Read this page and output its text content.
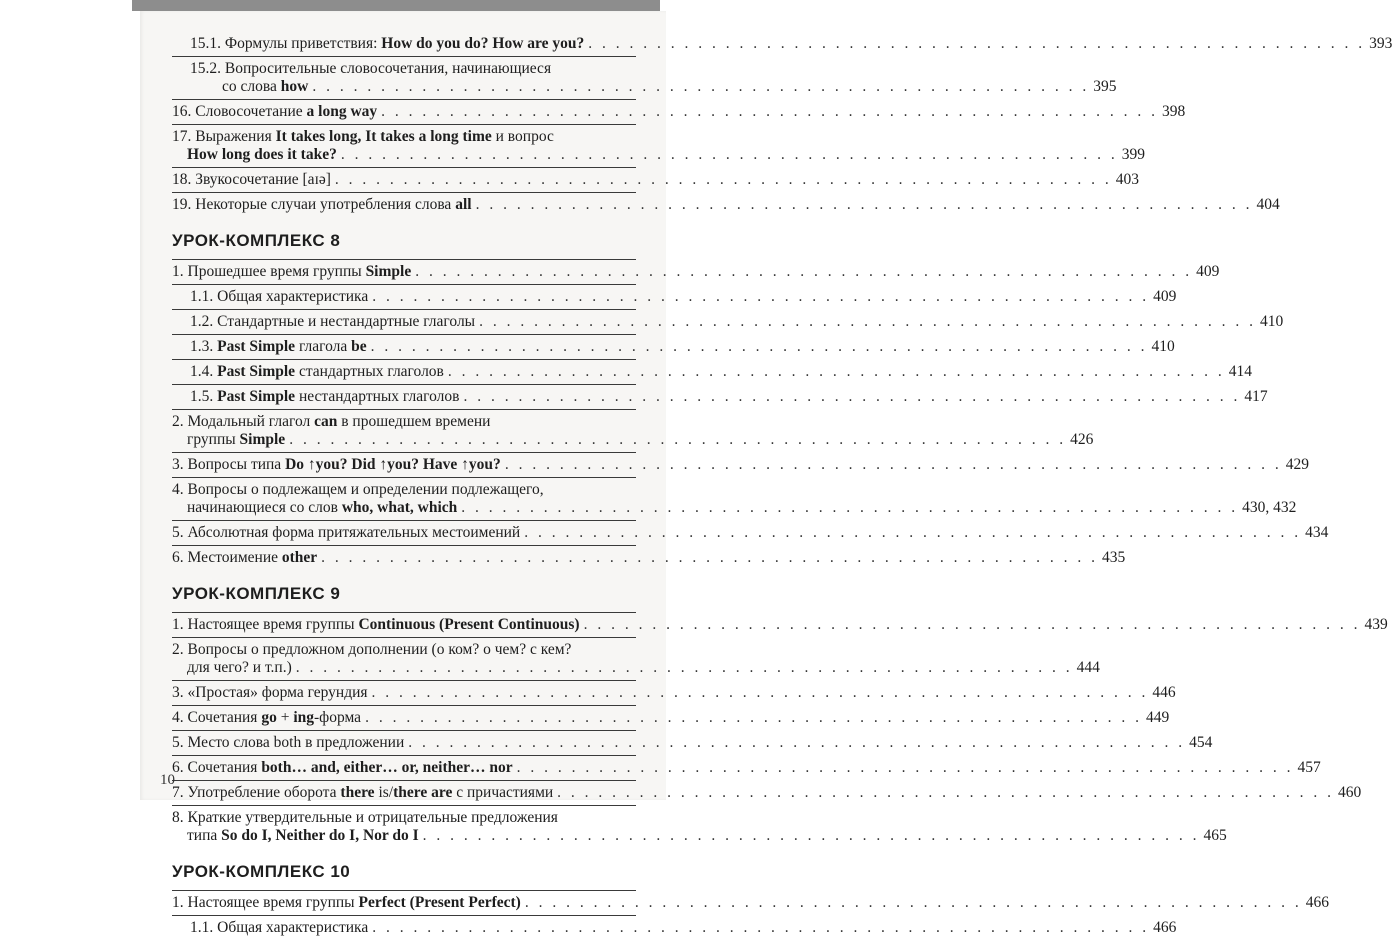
15.1. Формулы приветствия: How do you do? How are you? . . .	393
15.2. Вопросительные словосочетания, начинающиеся
со слова how . . .	395
16. Словосочетание a long way . . .	398
17. Выражения It takes long, It takes a long time и вопрос
How long does it take? . . .	399
18. Звукосочетание [aɪə] . . .	403
19. Некоторые случаи употребления слова all . . .	404
УРОК-КОМПЛЕКС 8
1. Прошедшее время группы Simple . . .	409
1.1. Общая характеристика . . .	409
1.2. Стандартные и нестандартные глаголы . . .	410
1.3. Past Simple глагола be . . .	410
1.4. Past Simple стандартных глаголов . . .	414
1.5. Past Simple нестандартных глаголов . . .	417
2. Модальный глагол can в прошедшем времени
группы Simple . . .	426
3. Вопросы типа Do ↑you? Did ↑you? Have ↑you? . . .	429
4. Вопросы о подлежащем и определении подлежащего,
начинающиеся со слов who, what, which . . .	430, 432
5. Абсолютная форма притяжательных местоимений . . .	434
6. Местоимение other . . .	435
УРОК-КОМПЛЕКС 9
1. Настоящее время группы Continuous (Present Continuous) . . .	439
2. Вопросы о предложном дополнении (о ком? о чем? с кем?
для чего? и т.п.) . . .	444
3. «Простая» форма герундия . . .	446
4. Сочетания go + ing-форма . . .	449
5. Место слова both в предложении . . .	454
6. Сочетания both… and, either… or, neither… nor . . .	457
7. Употребление оборота there is/there are с причастиями . . .	460
8. Краткие утвердительные и отрицательные предложения
типа So do I, Neither do I, Nor do I . . .	465
УРОК-КОМПЛЕКС 10
1. Настоящее время группы Perfect (Present Perfect) . . .	466
1.1. Общая характеристика . . .	466
10
